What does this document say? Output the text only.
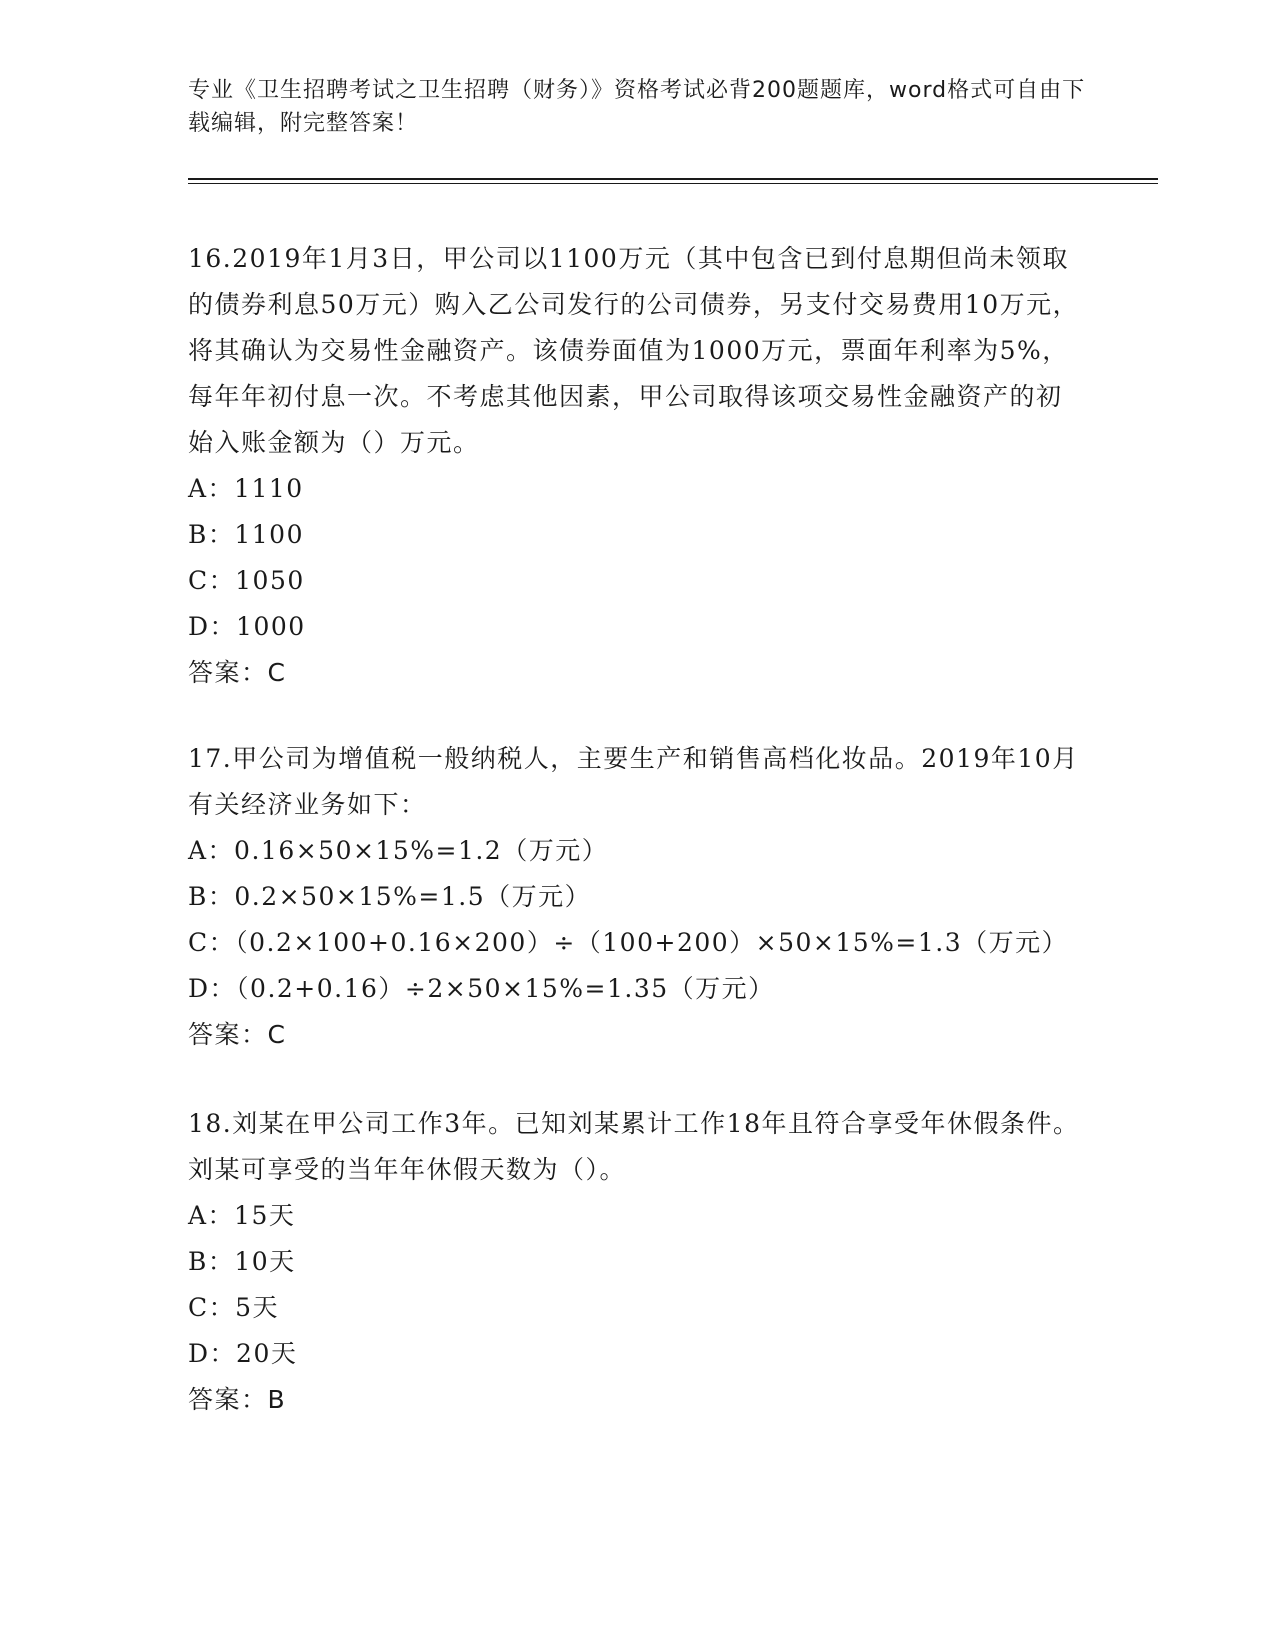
专业《卫生招聘考试之卫生招聘（财务）》资格考试必背200题题库，word格式可自由下载编辑，附完整答案！
16.2019年1月3日，甲公司以1100万元（其中包含已到付息期但尚未领取的债券利息50万元）购入乙公司发行的公司债券，另支付交易费用10万元，将其确认为交易性金融资产。该债券面值为1000万元，票面年利率为5%，每年年初付息一次。不考虑其他因素，甲公司取得该项交易性金融资产的初始入账金额为（）万元。
A：1110
B：1100
C：1050
D：1000
答案：C
17.甲公司为增值税一般纳税人，主要生产和销售高档化妆品。2019年10月有关经济业务如下：
A：0.16×50×15%=1.2（万元）
B：0.2×50×15%=1.5（万元）
C：（0.2×100+0.16×200）÷（100+200）×50×15%=1.3（万元）
D：（0.2+0.16）÷2×50×15%=1.35（万元）
答案：C
18.刘某在甲公司工作3年。已知刘某累计工作18年且符合享受年休假条件。刘某可享受的当年年休假天数为（）。
A：15天
B：10天
C：5天
D：20天
答案：B
